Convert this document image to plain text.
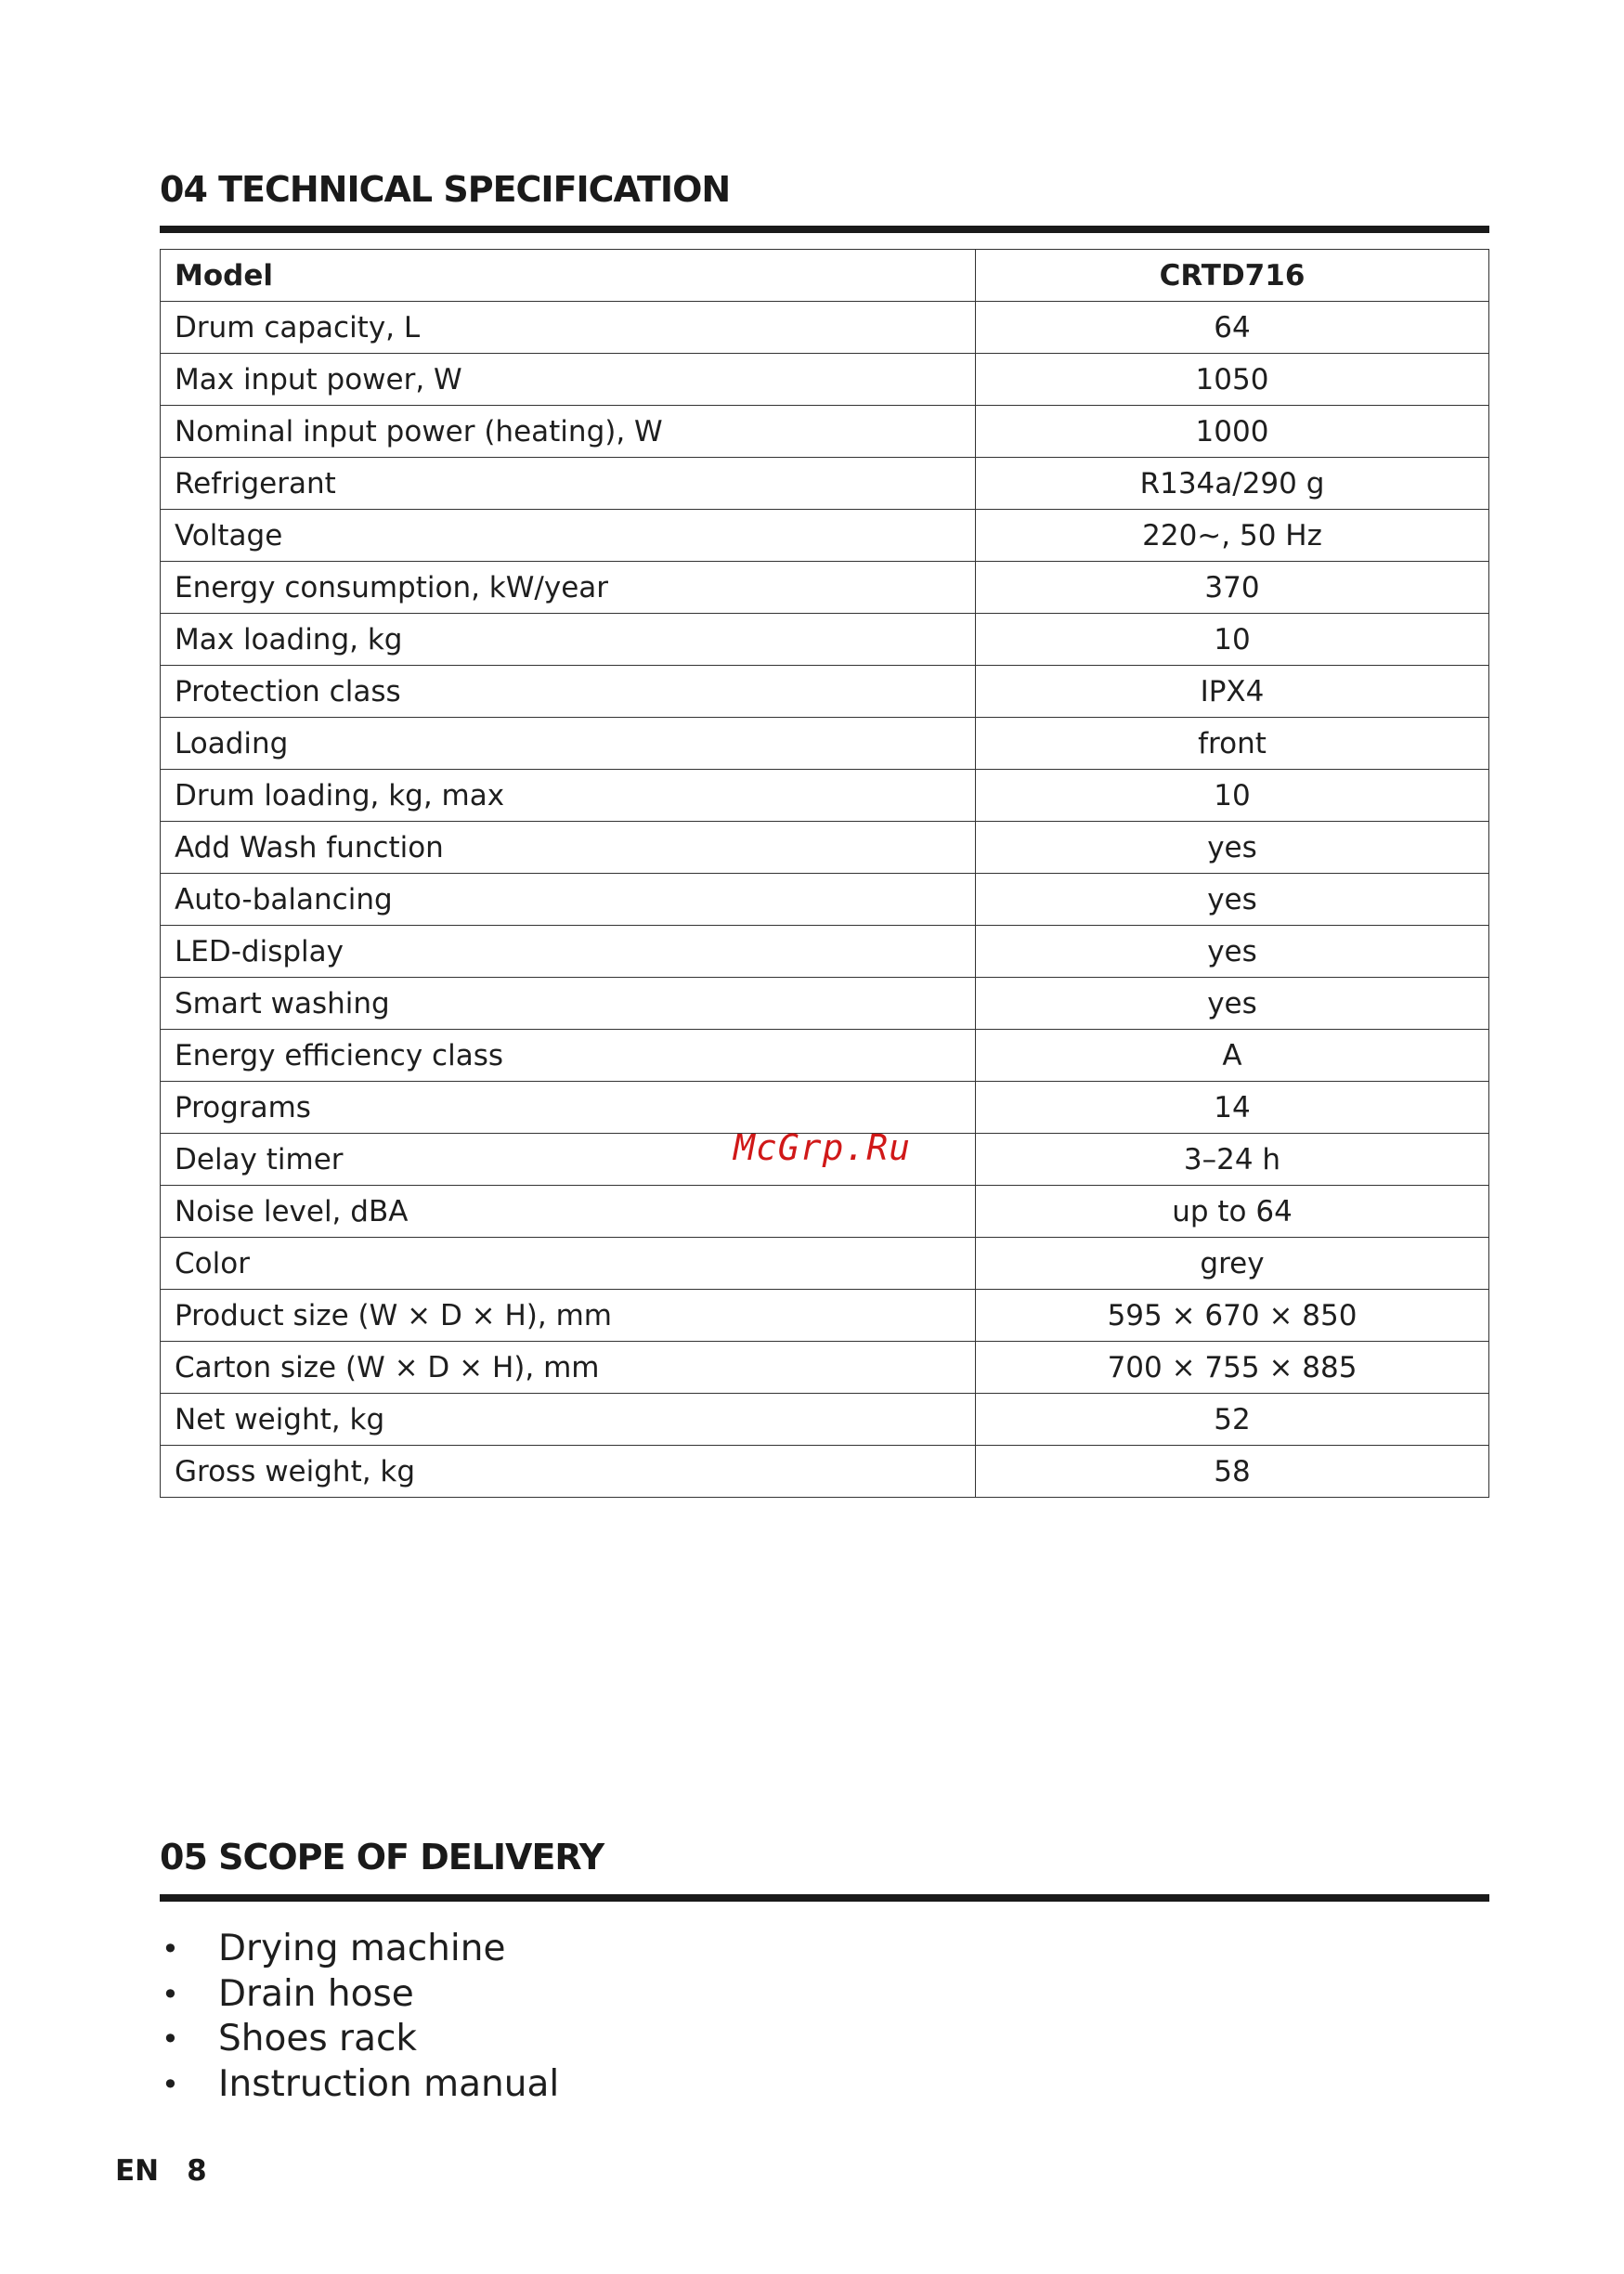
04 TECHNICAL SPECIFICATION
Model	CRTD716
Drum capacity, L	64
Max input power, W	1050
Nominal input power (heating), W	1000
Refrigerant	R134a/290 g
Voltage	220~, 50 Hz
Energy consumption, kW/year	370
Max loading, kg	10
Protection class	IPX4
Loading	front
Drum loading, kg, max	10
Add Wash function	yes
Auto-balancing	yes
LED-display	yes
Smart washing	yes
Energy efficiency class	A
Programs	14
Delay timer	3–24 h
Noise level, dBA	up to 64
Color	grey
Product size (W × D × H), mm	595 × 670 × 850
Carton size (W × D × H), mm	700 × 755 × 885
Net weight, kg	52
Gross weight, kg	58
McGrp.Ru
05 SCOPE OF DELIVERY
•	Drying machine
•	Drain hose
•	Shoes rack
•	Instruction manual
EN 8
